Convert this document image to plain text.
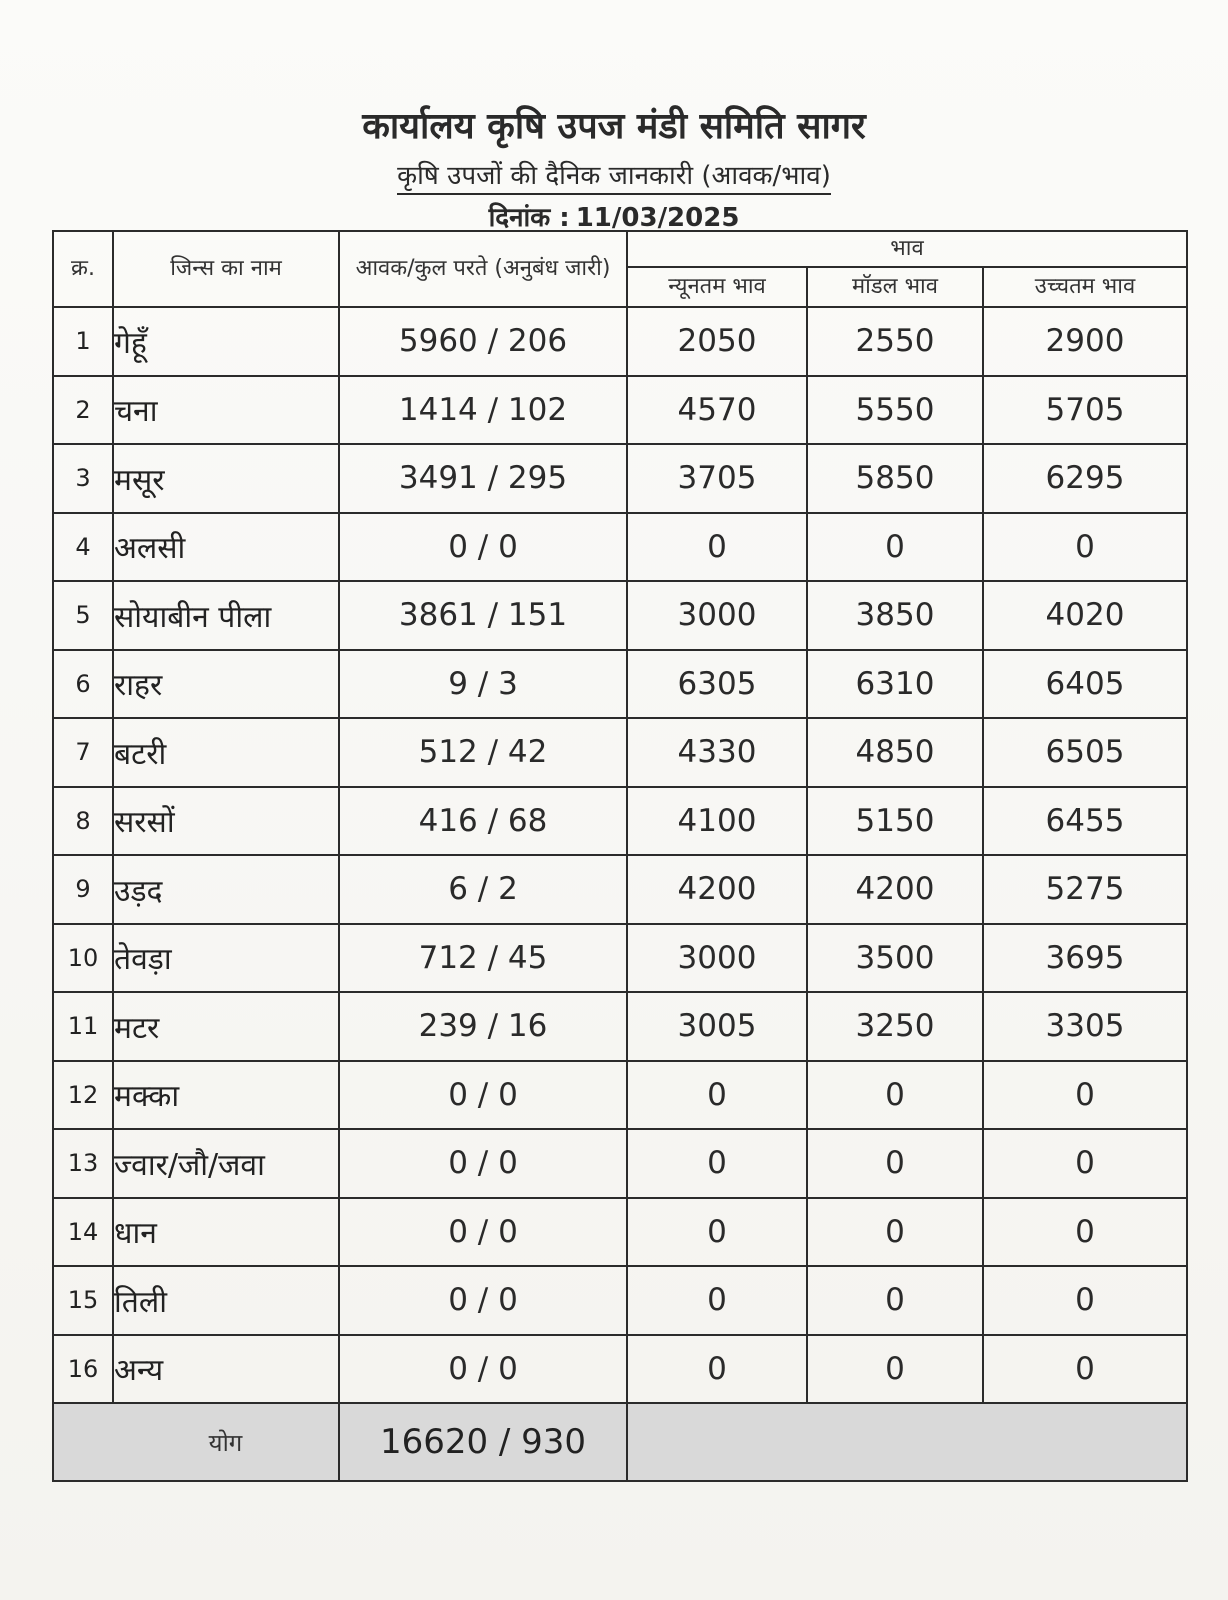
कार्यालय कृषि उपज मंडी समिति सागर
कृषि उपजों की दैनिक जानकारी (आवक/भाव)
दिनांक : 11/03/2025
क्र.	जिन्स का नाम	आवक/कुल परते (अनुबंध जारी)	भाव		
			न्यूनतम भाव	मॉडल भाव	उच्चतम भाव
1	गेहूँ	5960 / 206	2050	2550	2900
2	चना	1414 / 102	4570	5550	5705
3	मसूर	3491 / 295	3705	5850	6295
4	अलसी	0 / 0	0	0	0
5	सोयाबीन पीला	3861 / 151	3000	3850	4020
6	राहर	9 / 3	6305	6310	6405
7	बटरी	512 / 42	4330	4850	6505
8	सरसों	416 / 68	4100	5150	6455
9	उड़द	6 / 2	4200	4200	5275
10	तेवड़ा	712 / 45	3000	3500	3695
11	मटर	239 / 16	3005	3250	3305
12	मक्का	0 / 0	0	0	0
13	ज्वार/जौ/जवा	0 / 0	0	0	0
14	धान	0 / 0	0	0	0
15	तिली	0 / 0	0	0	0
16	अन्य	0 / 0	0	0	0
	योग	16620 / 930			
